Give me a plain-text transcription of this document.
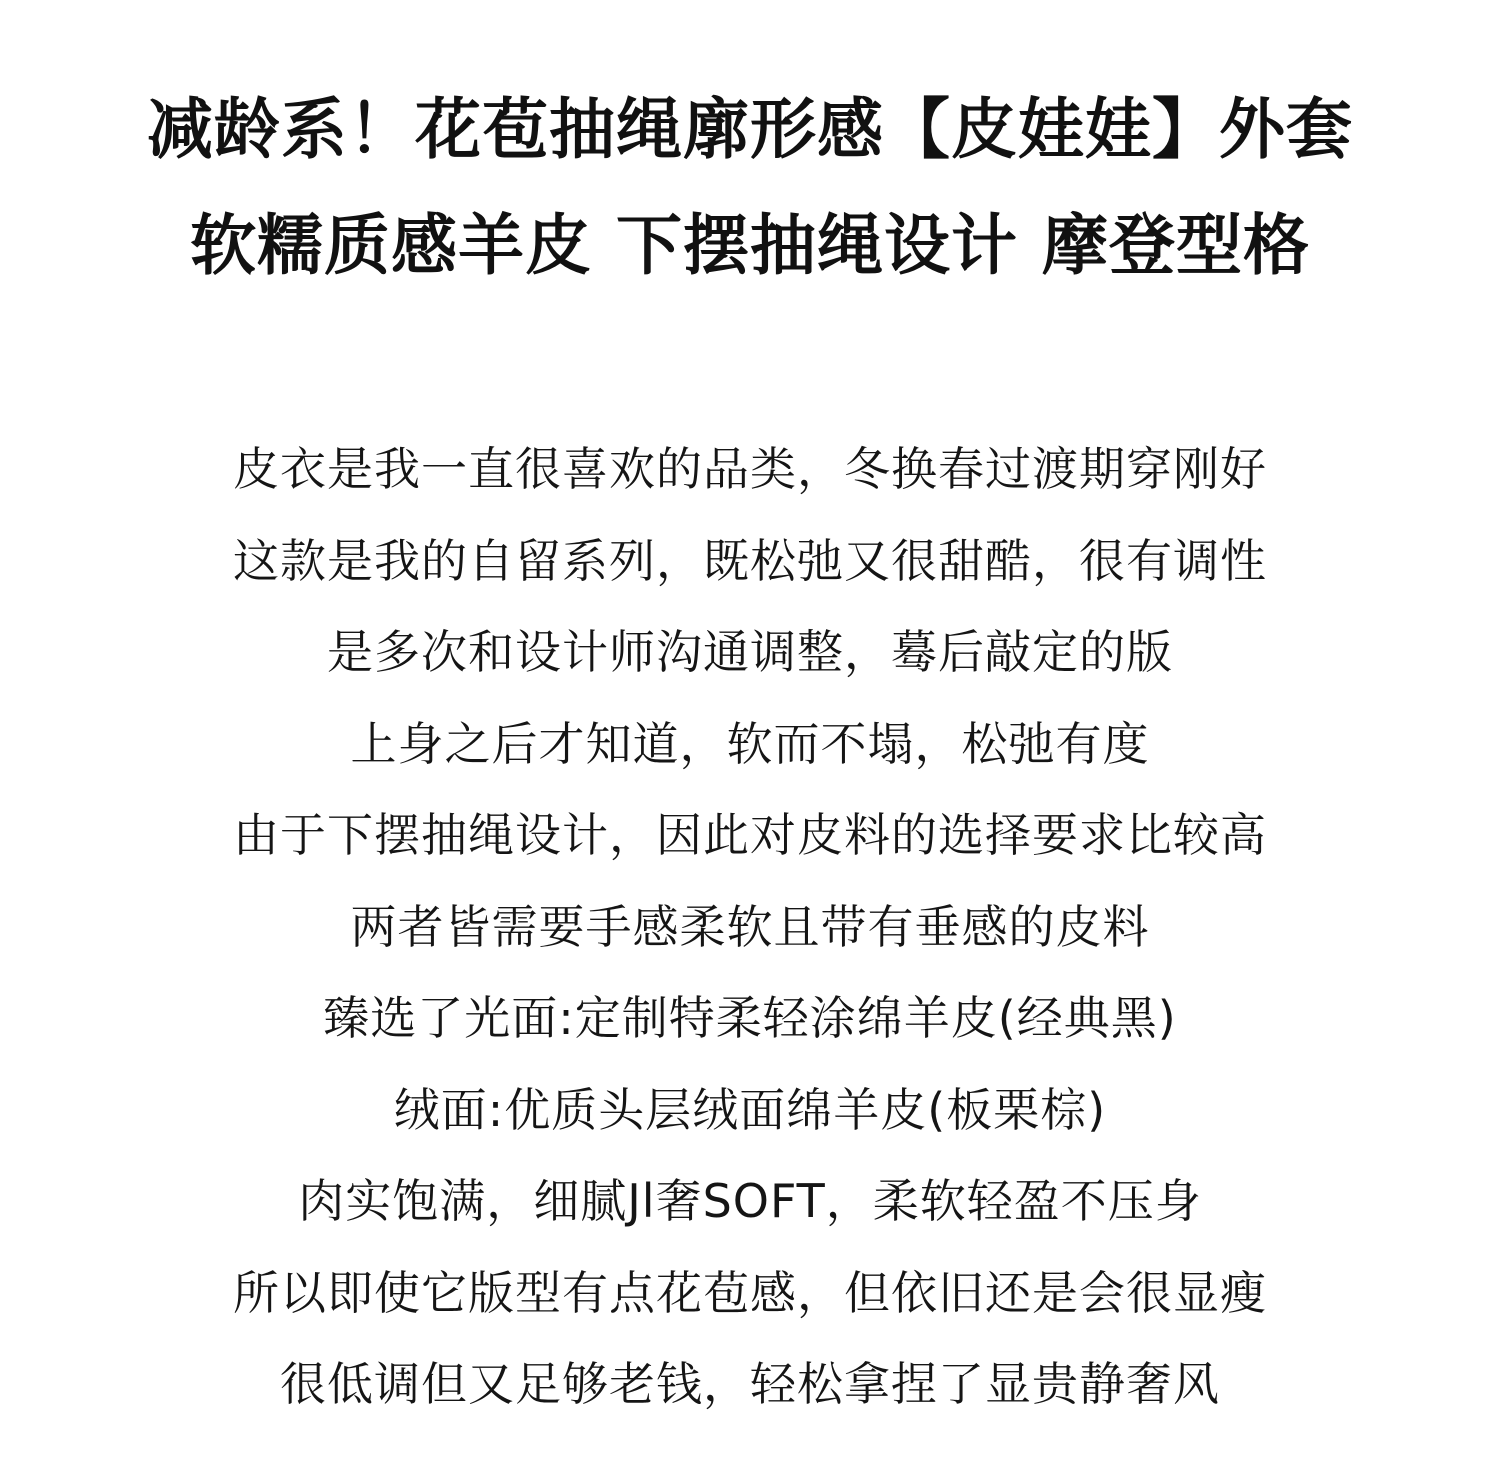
减龄系！花苞抽绳廓形感【皮娃娃】外套
软糯质感羊皮 下摆抽绳设计 摩登型格
皮衣是我一直很喜欢的品类，冬换春过渡期穿刚好
这款是我的自留系列，既松弛又很甜酷，很有调性
是多次和设计师沟通调整，蓦后敲定的版
上身之后才知道，软而不塌，松弛有度
由于下摆抽绳设计，因此对皮料的选择要求比较高
两者皆需要手感柔软且带有垂感的皮料
臻选了光面:定制特柔轻涂绵羊皮(经典黑)
绒面:优质头层绒面绵羊皮(板栗棕)
肉实饱满，细腻Jl奢SOFT，柔软轻盈不压身
所以即使它版型有点花苞感，但依旧还是会很显瘦
很低调但又足够老钱，轻松拿捏了显贵静奢风
